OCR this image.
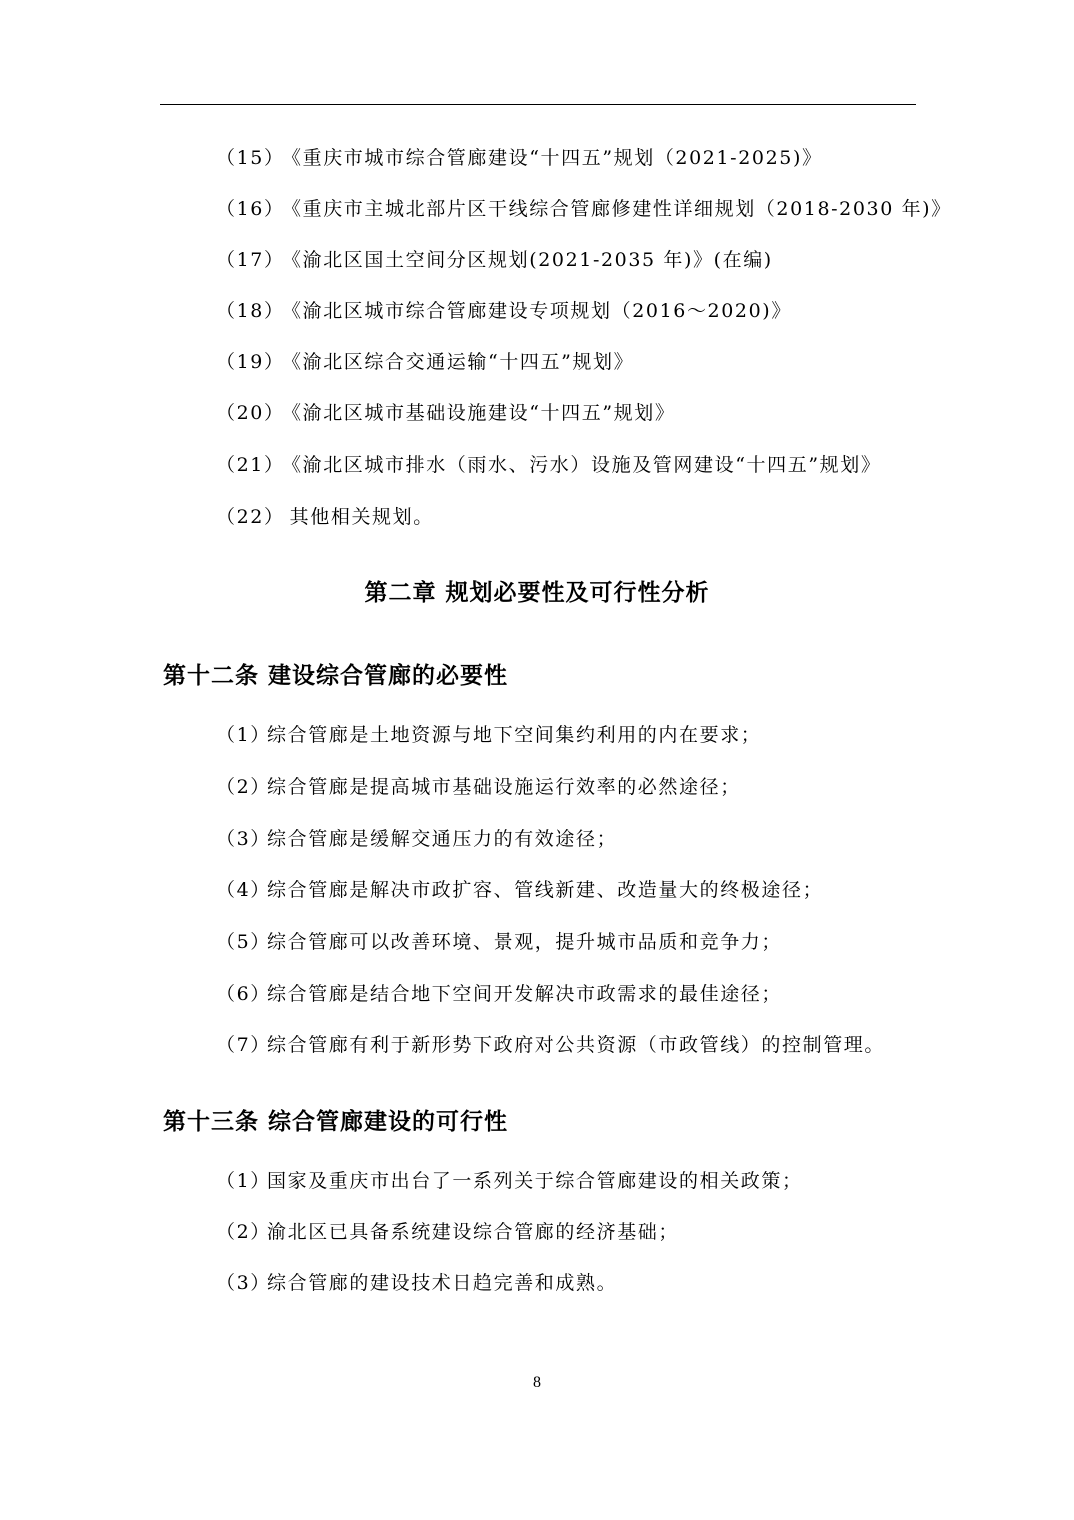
（15）《重庆市城市综合管廊建设“十四五”规划（2021-2025)》
（16）《重庆市主城北部片区干线综合管廊修建性详细规划（2018-2030 年)》
（17）《渝北区国土空间分区规划(2021-2035 年)》(在编)
（18）《渝北区城市综合管廊建设专项规划（2016～2020)》
（19）《渝北区综合交通运输“十四五”规划》
（20）《渝北区城市基础设施建设“十四五”规划》
（21）《渝北区城市排水（雨水、污水）设施及管网建设“十四五”规划》
（22） 其他相关规划。
第二章 规划必要性及可行性分析
第十二条 建设综合管廊的必要性
（1）综合管廊是土地资源与地下空间集约利用的内在要求；
（2）综合管廊是提高城市基础设施运行效率的必然途径；
（3）综合管廊是缓解交通压力的有效途径；
（4）综合管廊是解决市政扩容、管线新建、改造量大的终极途径；
（5）综合管廊可以改善环境、景观，提升城市品质和竞争力；
（6）综合管廊是结合地下空间开发解决市政需求的最佳途径；
（7）综合管廊有利于新形势下政府对公共资源（市政管线）的控制管理。
第十三条 综合管廊建设的可行性
（1）国家及重庆市出台了一系列关于综合管廊建设的相关政策；
（2）渝北区已具备系统建设综合管廊的经济基础；
（3）综合管廊的建设技术日趋完善和成熟。
8
